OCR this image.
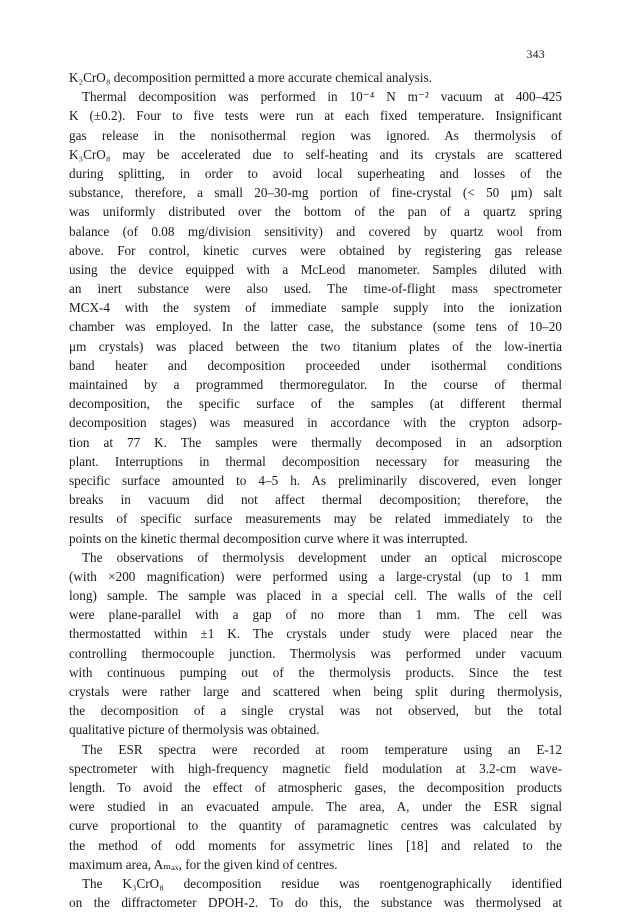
343
K₂CrO₈ decomposition permitted a more accurate chemical analysis.
Thermal decomposition was performed in 10⁻⁴ N m⁻² vacuum at 400–425
K (±0.2). Four to five tests were run at each fixed temperature. Insignificant
gas release in the nonisothermal region was ignored. As thermolysis of
K₃CrO₈ may be accelerated due to self-heating and its crystals are scattered
during splitting, in order to avoid local superheating and losses of the
substance, therefore, a small 20–30-mg portion of fine-crystal (< 50 μm) salt
was uniformly distributed over the bottom of the pan of a quartz spring
balance (of 0.08 mg/division sensitivity) and covered by quartz wool from
above. For control, kinetic curves were obtained by registering gas release
using the device equipped with a McLeod manometer. Samples diluted with
an inert substance were also used. The time-of-flight mass spectrometer
MCX-4 with the system of immediate sample supply into the ionization
chamber was employed. In the latter case, the substance (some tens of 10–20
μm crystals) was placed between the two titanium plates of the low-inertia
band heater and decomposition proceeded under isothermal conditions
maintained by a programmed thermoregulator. In the course of thermal
decomposition, the specific surface of the samples (at different thermal
decomposition stages) was measured in accordance with the crypton adsorp-
tion at 77 K. The samples were thermally decomposed in an adsorption
plant. Interruptions in thermal decomposition necessary for measuring the
specific surface amounted to 4–5 h. As preliminarily discovered, even longer
breaks in vacuum did not affect thermal decomposition; therefore, the
results of specific surface measurements may be related immediately to the
points on the kinetic thermal decomposition curve where it was interrupted.
The observations of thermolysis development under an optical microscope
(with ×200 magnification) were performed using a large-crystal (up to 1 mm
long) sample. The sample was placed in a special cell. The walls of the cell
were plane-parallel with a gap of no more than 1 mm. The cell was
thermostatted within ±1 K. The crystals under study were placed near the
controlling thermocouple junction. Thermolysis was performed under vacuum
with continuous pumping out of the thermolysis products. Since the test
crystals were rather large and scattered when being split during thermolysis,
the decomposition of a single crystal was not observed, but the total
qualitative picture of thermolysis was obtained.
The ESR spectra were recorded at room temperature using an E-12
spectrometer with high-frequency magnetic field modulation at 3.2-cm wave-
length. To avoid the effect of atmospheric gases, the decomposition products
were studied in an evacuated ampule. The area, A, under the ESR signal
curve proportional to the quantity of paramagnetic centres was calculated by
the method of odd moments for assymetric lines [18] and related to the
maximum area, Aₘₐₓ, for the given kind of centres.
The K₃CrO₈ decomposition residue was roentgenographically identified
on the diffractometer DPOH-2. To do this, the substance was thermolysed at
